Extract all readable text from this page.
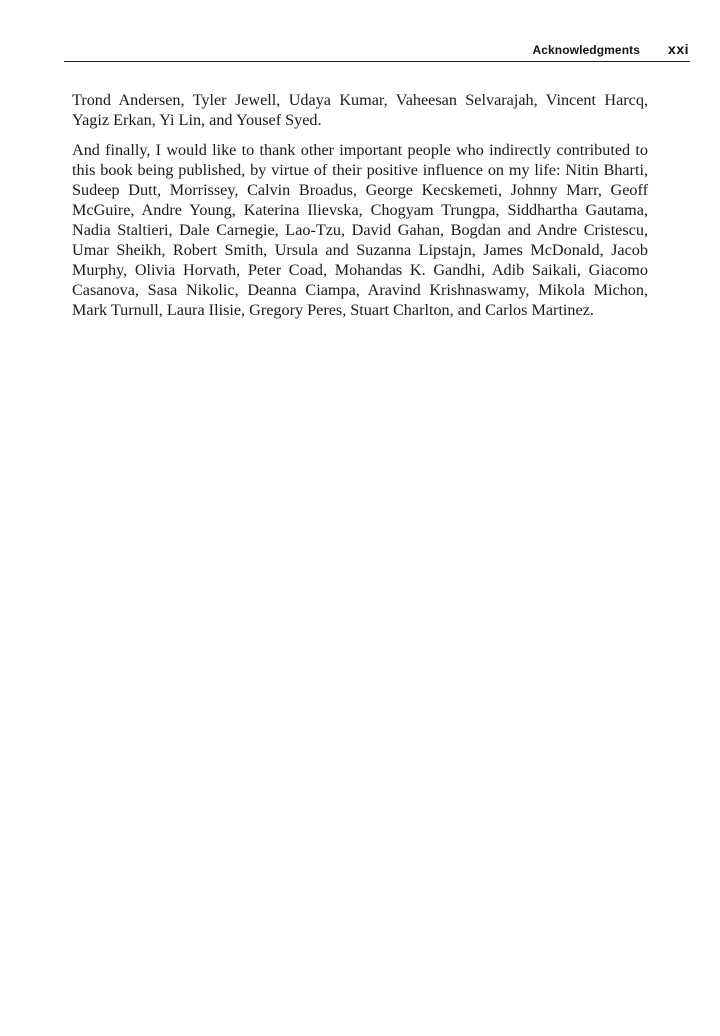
Acknowledgments xxi

Trond Andersen, Tyler Jewell, Udaya Kumar, Vaheesan Selvarajah, Vincent Harcq, Yagiz Erkan, Yi Lin, and Yousef Syed.

And finally, I would like to thank other important people who indirectly contributed to this book being published, by virtue of their positive influence on my life: Nitin Bharti, Sudeep Dutt, Morrissey, Calvin Broadus, George Kecskemeti, Johnny Marr, Geoff McGuire, Andre Young, Katerina Ilievska, Chogyam Trungpa, Siddhartha Gautama, Nadia Staltieri, Dale Carnegie, Lao-Tzu, David Gahan, Bogdan and Andre Cristescu, Umar Sheikh, Robert Smith, Ursula and Suzanna Lipstajn, James McDonald, Jacob Murphy, Olivia Horvath, Peter Coad, Mohandas K. Gandhi, Adib Saikali, Giacomo Casanova, Sasa Nikolic, Deanna Ciampa, Aravind Krishnaswamy, Mikola Michon, Mark Turnull, Laura Ilisie, Gregory Peres, Stuart Charlton, and Carlos Martinez.
